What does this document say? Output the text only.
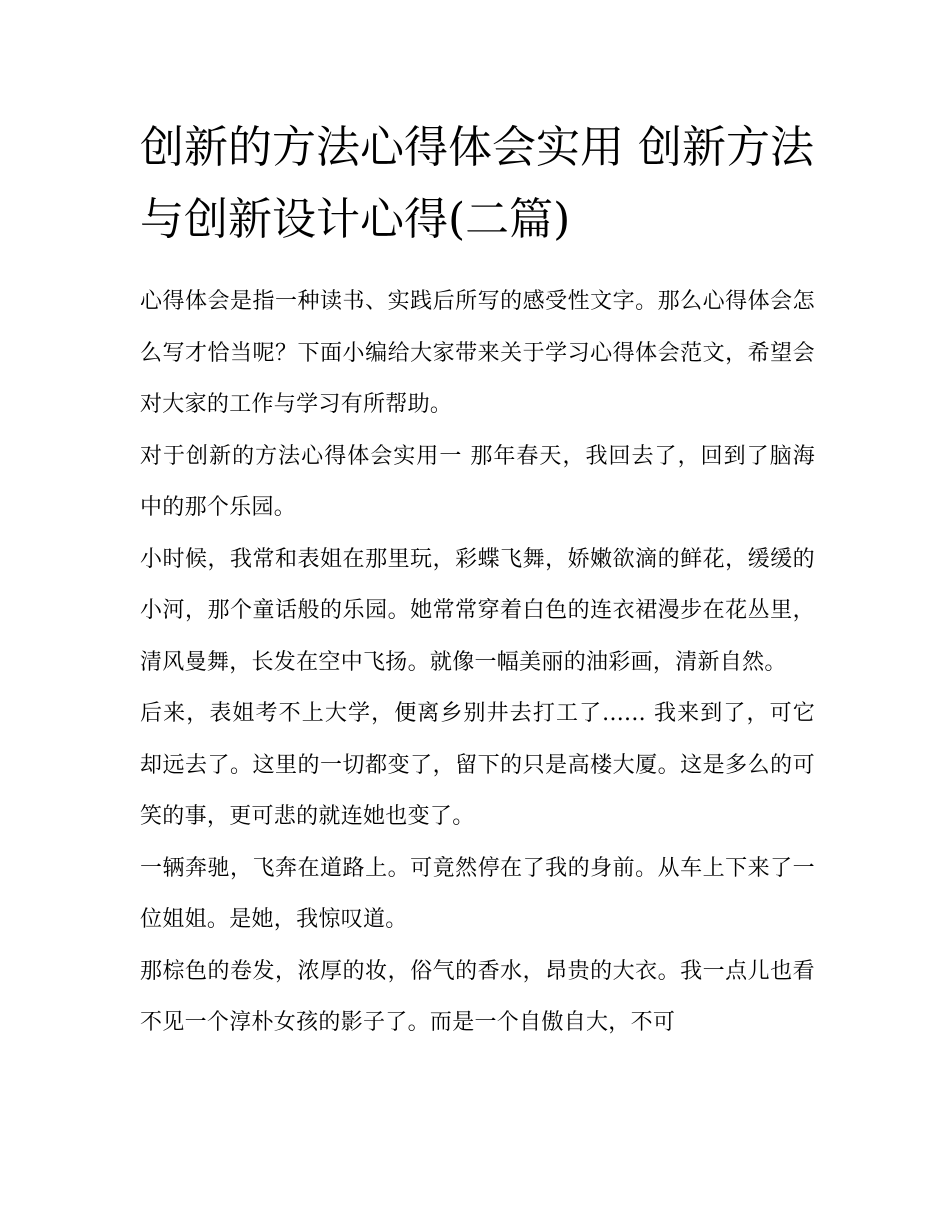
创新的方法心得体会实用 创新方法与创新设计心得(二篇)

心得体会是指一种读书、实践后所写的感受性文字。那么心得体会怎么写才恰当呢？下面小编给大家带来关于学习心得体会范文，希望会对大家的工作与学习有所帮助。

对于创新的方法心得体会实用一 那年春天，我回去了，回到了脑海中的那个乐园。

小时候，我常和表姐在那里玩，彩蝶飞舞，娇嫩欲滴的鲜花，缓缓的小河，那个童话般的乐园。她常常穿着白色的连衣裙漫步在花丛里，清风曼舞，长发在空中飞扬。就像一幅美丽的油彩画，清新自然。

后来，表姐考不上大学，便离乡别井去打工了...... 我来到了，可它却远去了。这里的一切都变了，留下的只是高楼大厦。这是多么的可笑的事，更可悲的就连她也变了。

一辆奔驰，飞奔在道路上。可竟然停在了我的身前。从车上下来了一位姐姐。是她，我惊叹道。

那棕色的卷发，浓厚的妆，俗气的香水，昂贵的大衣。我一点儿也看不见一个淳朴女孩的影子了。而是一个自傲自大，不可
